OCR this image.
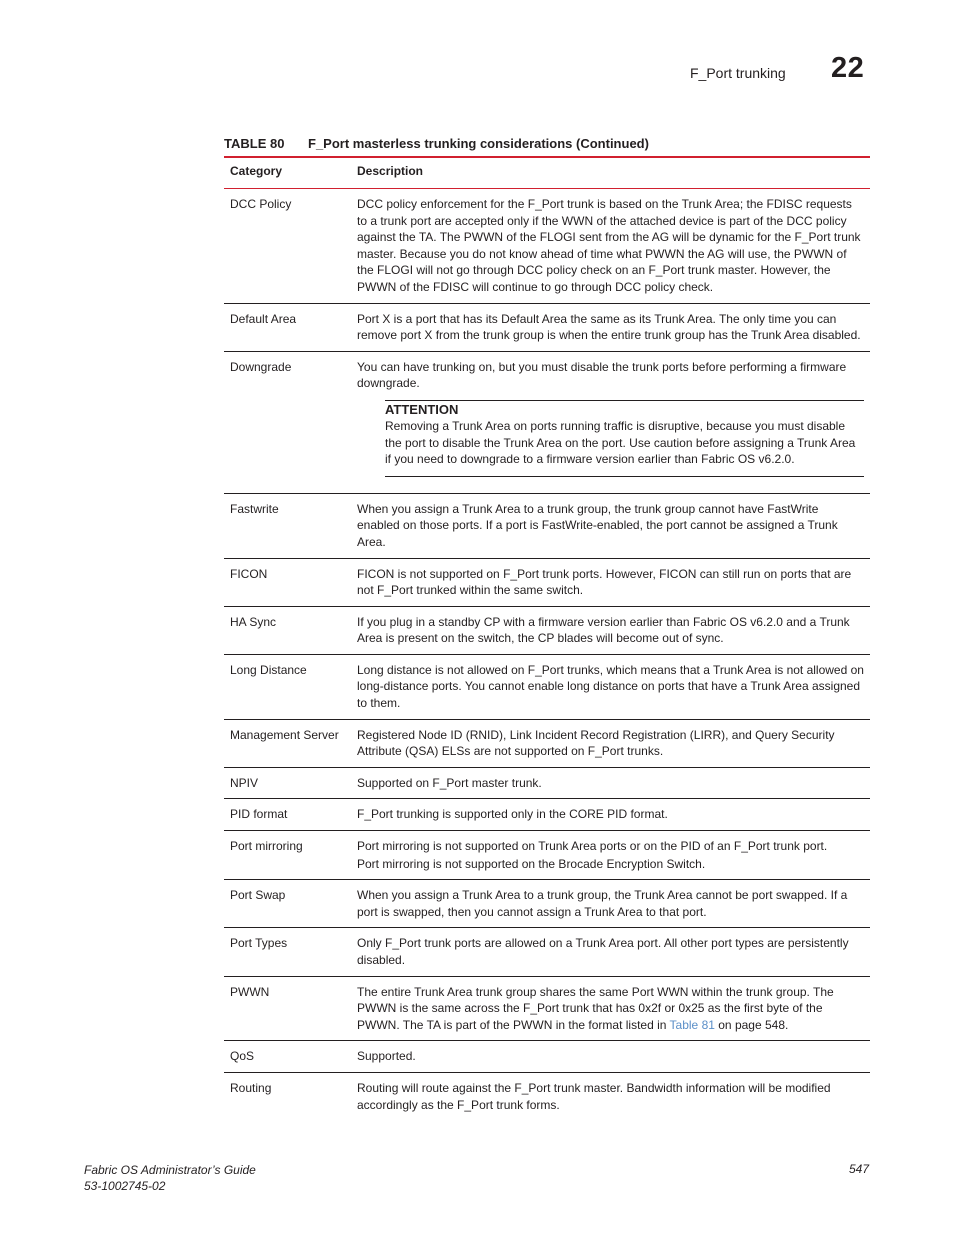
F_Port trunking 22
TABLE 80	F_Port masterless trunking considerations (Continued)
Category	Description
DCC Policy	DCC policy enforcement for the F_Port trunk is based on the Trunk Area; the FDISC requests to a trunk port are accepted only if the WWN of the attached device is part of the DCC policy against the TA. The PWWN of the FLOGI sent from the AG will be dynamic for the F_Port trunk master. Because you do not know ahead of time what PWWN the AG will use, the PWWN of the FLOGI will not go through DCC policy check on an F_Port trunk master. However, the PWWN of the FDISC will continue to go through DCC policy check.

Default Area	Port X is a port that has its Default Area the same as its Trunk Area. The only time you can remove port X from the trunk group is when the entire trunk group has the Trunk Area disabled.

Downgrade	You can have trunking on, but you must disable the trunk ports before performing a firmware downgrade.

ATTENTION
Removing a Trunk Area on ports running traffic is disruptive, because you must disable the port to disable the Trunk Area on the port. Use caution before assigning a Trunk Area if you need to downgrade to a firmware version earlier than Fabric OS v6.2.0.
Fastwrite	When you assign a Trunk Area to a trunk group, the trunk group cannot have FastWrite enabled on those ports. If a port is FastWrite-enabled, the port cannot be assigned a Trunk Area.

FICON	FICON is not supported on F_Port trunk ports. However, FICON can still run on ports that are not F_Port trunked within the same switch.

HA Sync	If you plug in a standby CP with a firmware version earlier than Fabric OS v6.2.0 and a Trunk Area is present on the switch, the CP blades will become out of sync.

Long Distance	Long distance is not allowed on F_Port trunks, which means that a Trunk Area is not allowed on long-distance ports. You cannot enable long distance on ports that have a Trunk Area assigned to them.

Management Server	Registered Node ID (RNID), Link Incident Record Registration (LIRR), and Query Security Attribute (QSA) ELSs are not supported on F_Port trunks.

NPIV	Supported on F_Port master trunk.

PID format	F_Port trunking is supported only in the CORE PID format.

Port mirroring	Port mirroring is not supported on Trunk Area ports or on the PID of an F_Port trunk port.

Port mirroring is not supported on the Brocade Encryption Switch.

Port Swap	When you assign a Trunk Area to a trunk group, the Trunk Area cannot be port swapped. If a port is swapped, then you cannot assign a Trunk Area to that port.

Port Types	Only F_Port trunk ports are allowed on a Trunk Area port. All other port types are persistently disabled.

PWWN	The entire Trunk Area trunk group shares the same Port WWN within the trunk group. The PWWN is the same across the F_Port trunk that has 0x2f or 0x25 as the first byte of the PWWN. The TA is part of the PWWN in the format listed in Table 81 on page 548.

QoS	Supported.

Routing	Routing will route against the F_Port trunk master. Bandwidth information will be modified accordingly as the F_Port trunk forms.

Fabric OS Administrator’s Guide
53-1002745-02
547
